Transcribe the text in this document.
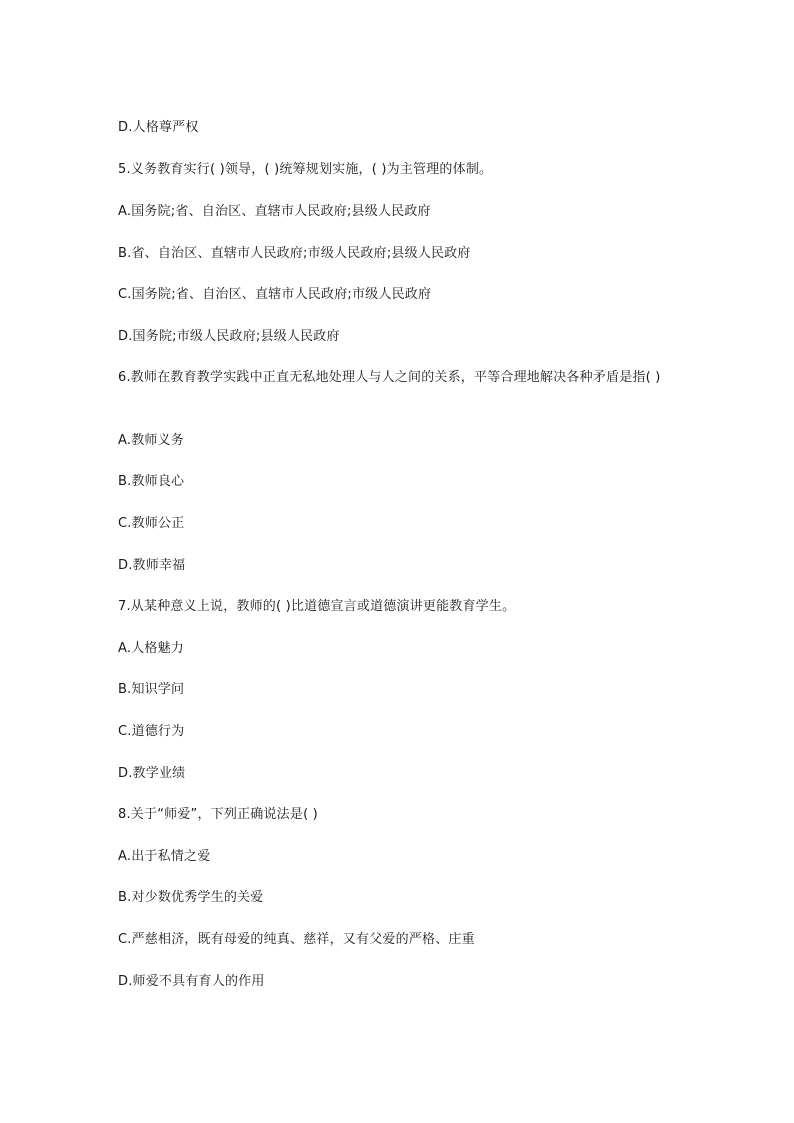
D.人格尊严权
5.义务教育实行( )领导，( )统筹规划实施，( )为主管理的体制。
A.国务院;省、自治区、直辖市人民政府;县级人民政府
B.省、自治区、直辖市人民政府;市级人民政府;县级人民政府
C.国务院;省、自治区、直辖市人民政府;市级人民政府
D.国务院;市级人民政府;县级人民政府
6.教师在教育教学实践中正直无私地处理人与人之间的关系，平等合理地解决各种矛盾是指( )
A.教师义务
B.教师良心
C.教师公正
D.教师幸福
7.从某种意义上说，教师的( )比道德宣言或道德演讲更能教育学生。
A.人格魅力
B.知识学问
C.道德行为
D.教学业绩
8.关于“师爱”，下列正确说法是( )
A.出于私情之爱
B.对少数优秀学生的关爱
C.严慈相济，既有母爱的纯真、慈祥，又有父爱的严格、庄重
D.师爱不具有育人的作用
